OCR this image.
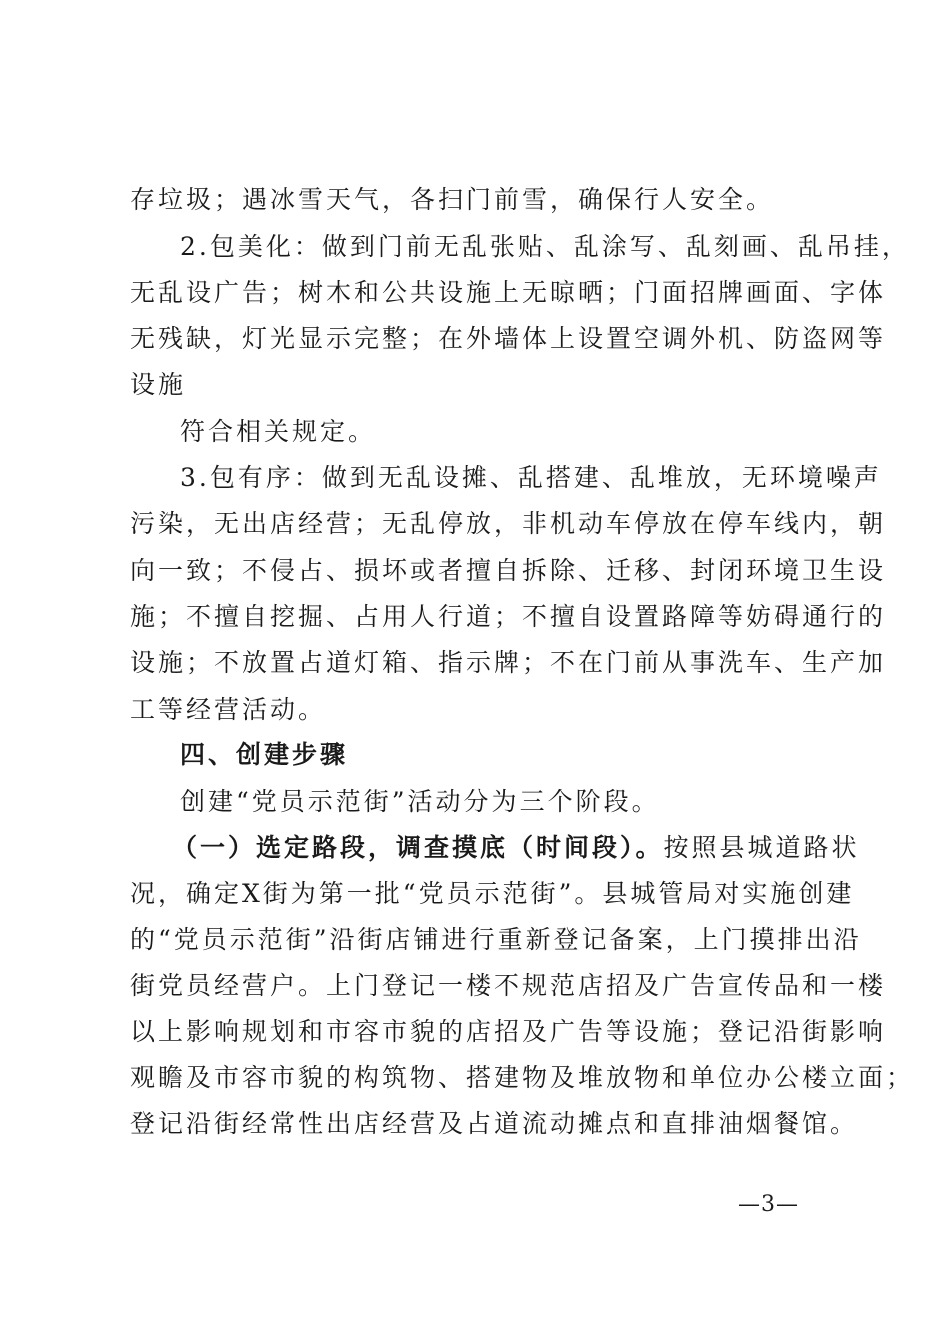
存垃圾；遇冰雪天气，各扫门前雪，确保行人安全。
2.包美化：做到门前无乱张贴、乱涂写、乱刻画、乱吊挂，
无乱设广告；树木和公共设施上无晾晒；门面招牌画面、字体
无残缺，灯光显示完整；在外墙体上设置空调外机、防盗网等
设施
符合相关规定。
3.包有序：做到无乱设摊、乱搭建、乱堆放，无环境噪声
污染，无出店经营；无乱停放，非机动车停放在停车线内，朝
向一致；不侵占、损坏或者擅自拆除、迁移、封闭环境卫生设
施；不擅自挖掘、占用人行道；不擅自设置路障等妨碍通行的
设施；不放置占道灯箱、指示牌；不在门前从事洗车、生产加
工等经营活动。
四、创建步骤
创建“党员示范街”活动分为三个阶段。
（一）选定路段，调查摸底（时间段）。按照县城道路状
况，确定X街为第一批“党员示范街”。县城管局对实施创建
的“党员示范街”沿街店铺进行重新登记备案，上门摸排出沿
街党员经营户。上门登记一楼不规范店招及广告宣传品和一楼
以上影响规划和市容市貌的店招及广告等设施；登记沿街影响
观瞻及市容市貌的构筑物、搭建物及堆放物和单位办公楼立面；
登记沿街经常性出店经营及占道流动摊点和直排油烟餐馆。
—3—
